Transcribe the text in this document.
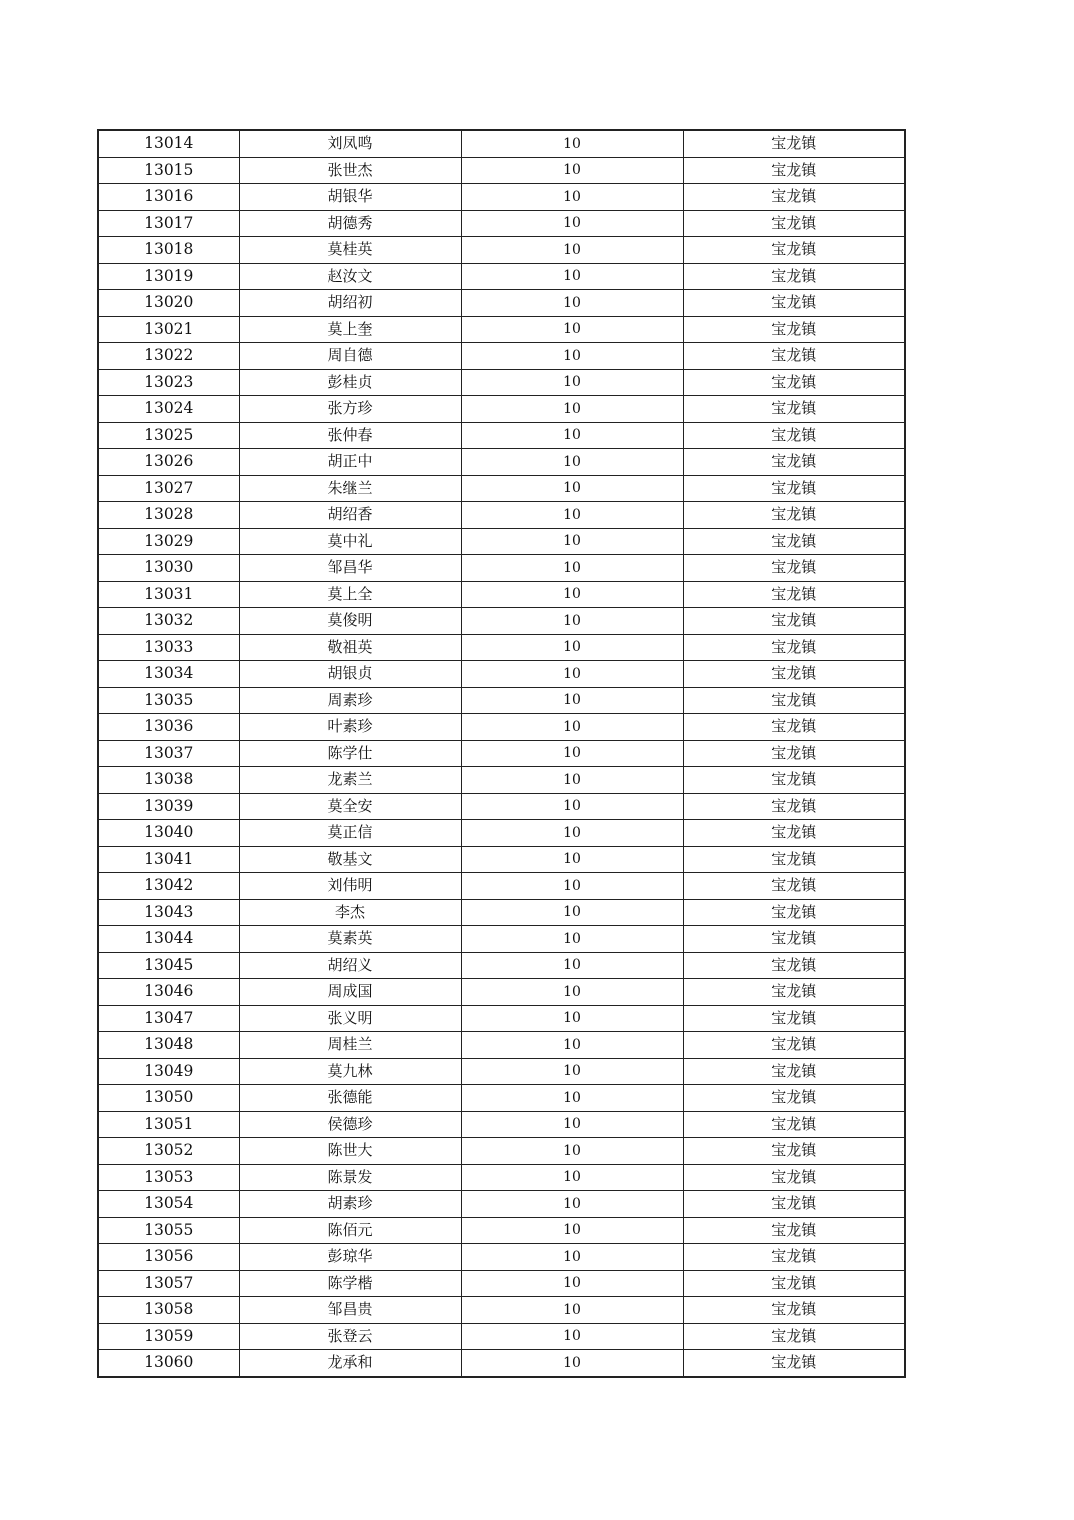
13014	刘凤鸣	10	宝龙镇
13015	张世杰	10	宝龙镇
13016	胡银华	10	宝龙镇
13017	胡德秀	10	宝龙镇
13018	莫桂英	10	宝龙镇
13019	赵汝文	10	宝龙镇
13020	胡绍初	10	宝龙镇
13021	莫上奎	10	宝龙镇
13022	周自德	10	宝龙镇
13023	彭桂贞	10	宝龙镇
13024	张方珍	10	宝龙镇
13025	张仲春	10	宝龙镇
13026	胡正中	10	宝龙镇
13027	朱继兰	10	宝龙镇
13028	胡绍香	10	宝龙镇
13029	莫中礼	10	宝龙镇
13030	邹昌华	10	宝龙镇
13031	莫上全	10	宝龙镇
13032	莫俊明	10	宝龙镇
13033	敬祖英	10	宝龙镇
13034	胡银贞	10	宝龙镇
13035	周素珍	10	宝龙镇
13036	叶素珍	10	宝龙镇
13037	陈学仕	10	宝龙镇
13038	龙素兰	10	宝龙镇
13039	莫全安	10	宝龙镇
13040	莫正信	10	宝龙镇
13041	敬基文	10	宝龙镇
13042	刘伟明	10	宝龙镇
13043	李杰	10	宝龙镇
13044	莫素英	10	宝龙镇
13045	胡绍义	10	宝龙镇
13046	周成国	10	宝龙镇
13047	张义明	10	宝龙镇
13048	周桂兰	10	宝龙镇
13049	莫九林	10	宝龙镇
13050	张德能	10	宝龙镇
13051	侯德珍	10	宝龙镇
13052	陈世大	10	宝龙镇
13053	陈景发	10	宝龙镇
13054	胡素珍	10	宝龙镇
13055	陈佰元	10	宝龙镇
13056	彭琼华	10	宝龙镇
13057	陈学楷	10	宝龙镇
13058	邹昌贵	10	宝龙镇
13059	张登云	10	宝龙镇
13060	龙承和	10	宝龙镇
